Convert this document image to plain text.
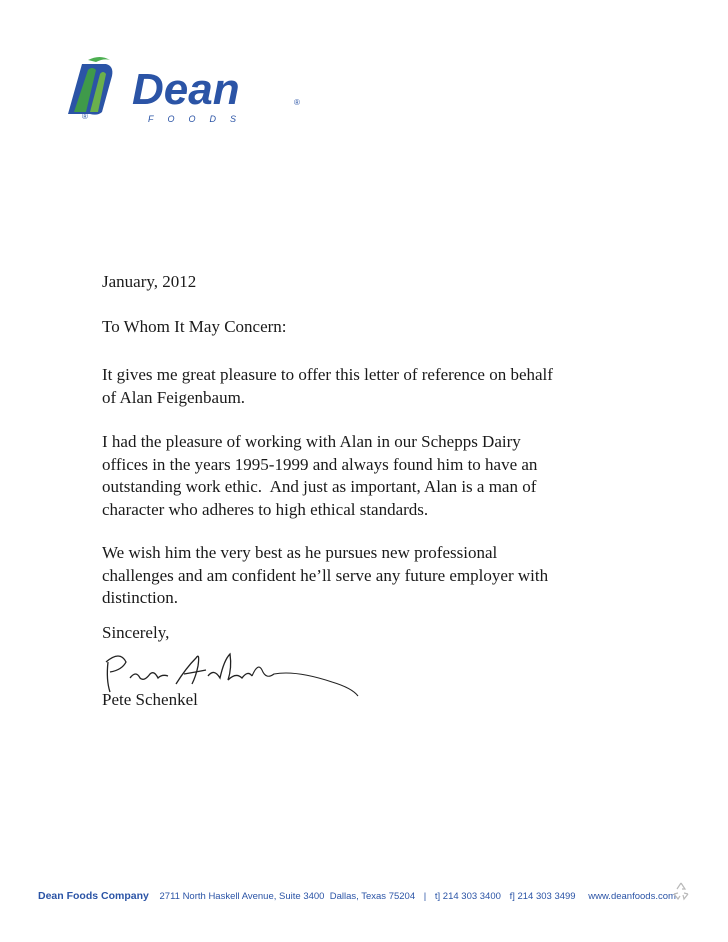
®
Dean	®
FOODS
January, 2012
To Whom It May Concern:
It gives me great pleasure to offer this letter of reference on behalf
of Alan Feigenbaum.
I had the pleasure of working with Alan in our Schepps Dairy
offices in the years 1995-1999 and always found him to have an
outstanding work ethic.  And just as important, Alan is a man of
character who adheres to high ethical standards.
We wish him the very best as he pursues new professional
challenges and am confident he’ll serve any future employer with
distinction.
Sincerely,
Pete Schenkel
Dean Foods Company 2711 North Haskell Avenue, Suite 3400  Dallas, Texas 75204 | t] 214 303 3400 f] 214 303 3499 www.deanfoods.com
